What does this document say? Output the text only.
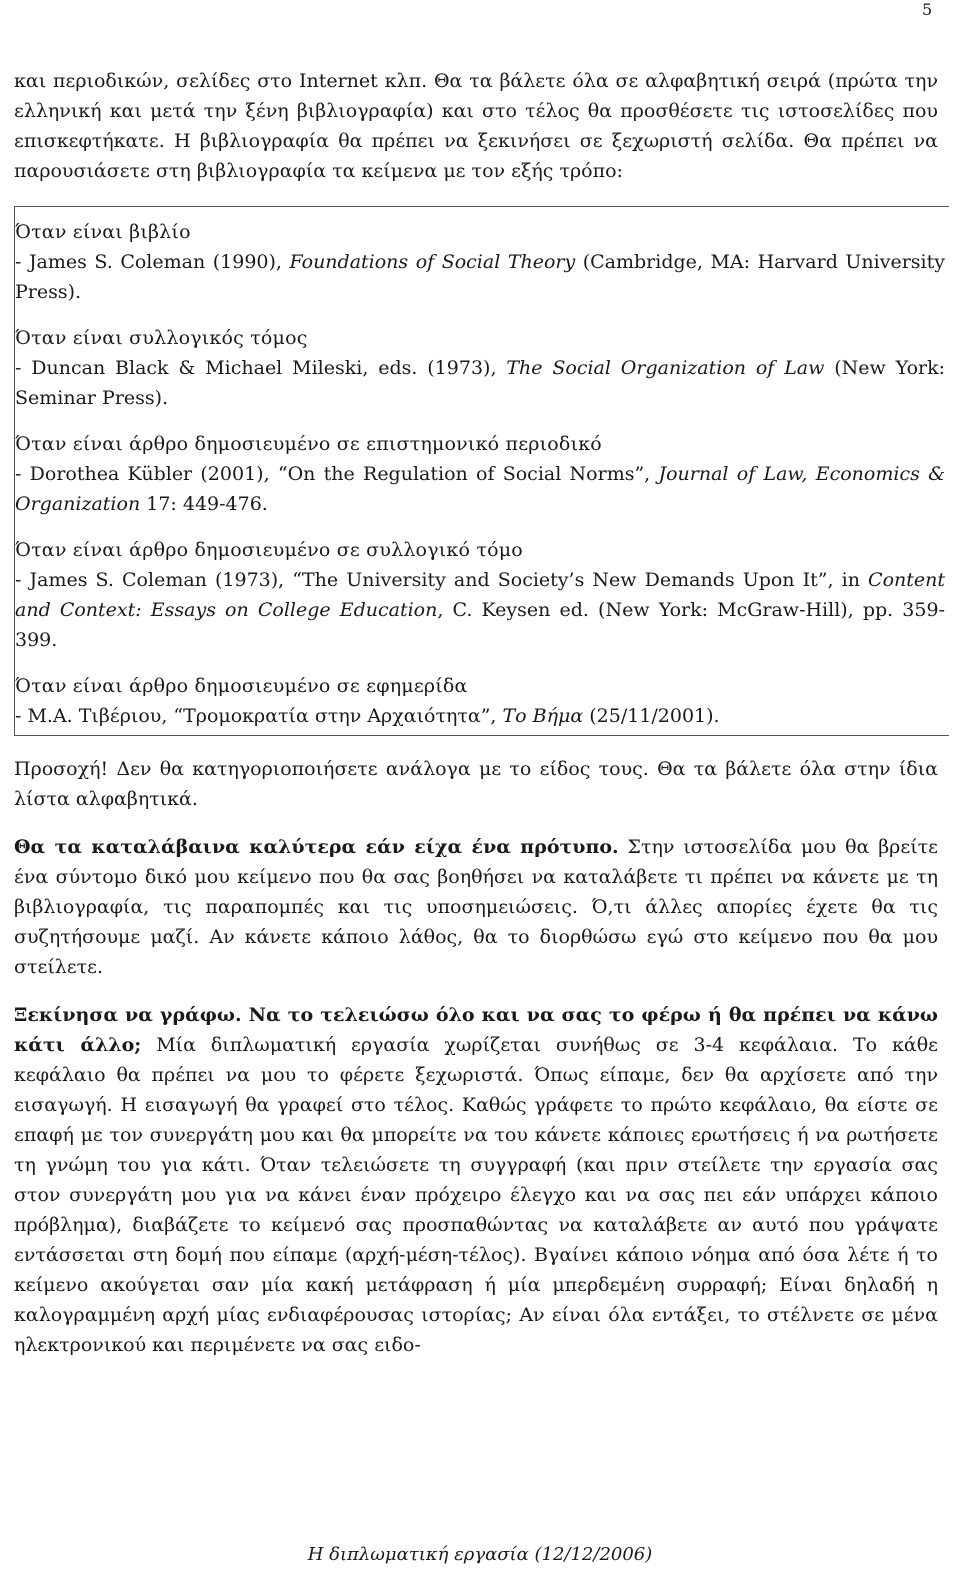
5

και περιοδικών, σελίδες στο Internet κλπ. Θα τα βάλετε όλα σε αλφαβητική σειρά (πρώτα την ελληνική και μετά την ξένη βιβλιογραφία) και στο τέλος θα προσθέσετε τις ιστοσελίδες που επισκεφτήκατε. Η βιβλιογραφία θα πρέπει να ξεκινήσει σε ξεχωριστή σελίδα. Θα πρέπει να παρουσιάσετε στη βιβλιογραφία τα κείμενα με τον εξής τρόπο:

Όταν είναι βιβλίο

- James S. Coleman (1990), Foundations of Social Theory (Cambridge, MA: Harvard University Press).

Όταν είναι συλλογικός τόμος

- Duncan Black & Michael Mileski, eds. (1973), The Social Organization of Law (New York: Seminar Press).

Όταν είναι άρθρο δημοσιευμένο σε επιστημονικό περιοδικό

- Dorothea Kübler (2001), “On the Regulation of Social Norms”, Journal of Law, Economics & Organization 17: 449-476.

Όταν είναι άρθρο δημοσιευμένο σε συλλογικό τόμο

- James S. Coleman (1973), “The University and Society’s New Demands Upon It”, in Content and Context: Essays on College Education, C. Keysen ed. (New York: McGraw-Hill), pp. 359-399.

Όταν είναι άρθρο δημοσιευμένο σε εφημερίδα

- Μ.Α. Τιβέριου, “Τρομοκρατία στην Αρχαιότητα”, Το Βήμα (25/11/2001).

Προσοχή! Δεν θα κατηγοριοποιήσετε ανάλογα με το είδος τους. Θα τα βάλετε όλα στην ίδια λίστα αλφαβητικά.

Θα τα καταλάβαινα καλύτερα εάν είχα ένα πρότυπο. Στην ιστοσελίδα μου θα βρείτε ένα σύντομο δικό μου κείμενο που θα σας βοηθήσει να καταλάβετε τι πρέπει να κάνετε με τη βιβλιογραφία, τις παραπομπές και τις υποσημειώσεις. Ό,τι άλλες απορίες έχετε θα τις συζητήσουμε μαζί. Αν κάνετε κάποιο λάθος, θα το διορθώσω εγώ στο κείμενο που θα μου στείλετε.

Ξεκίνησα να γράφω. Να το τελειώσω όλο και να σας το φέρω ή θα πρέπει να κάνω κάτι άλλο; Μία διπλωματική εργασία χωρίζεται συνήθως σε 3-4 κεφάλαια. Το κάθε κεφάλαιο θα πρέπει να μου το φέρετε ξεχωριστά. Όπως είπαμε, δεν θα αρχίσετε από την εισαγωγή. Η εισαγωγή θα γραφεί στο τέλος. Καθώς γράφετε το πρώτο κεφάλαιο, θα είστε σε επαφή με τον συνεργάτη μου και θα μπορείτε να του κάνετε κάποιες ερωτήσεις ή να ρωτήσετε τη γνώμη του για κάτι. Όταν τελειώσετε τη συγγραφή (και πριν στείλετε την εργασία σας στον συνεργάτη μου για να κάνει έναν πρόχειρο έλεγχο και να σας πει εάν υπάρχει κάποιο πρόβλημα), διαβάζετε το κείμενό σας προσπαθώντας να καταλάβετε αν αυτό που γράψατε εντάσσεται στη δομή που είπαμε (αρχή-μέση-τέλος). Βγαίνει κάποιο νόημα από όσα λέτε ή το κείμενο ακούγεται σαν μία κακή μετάφραση ή μία μπερδεμένη συρραφή; Είναι δηλαδή η καλογραμμένη αρχή μίας ενδιαφέρουσας ιστορίας; Αν είναι όλα εντάξει, το στέλνετε σε μένα ηλεκτρονικού και περιμένετε να σας ειδο-

Η διπλωματική εργασία (12/12/2006)
